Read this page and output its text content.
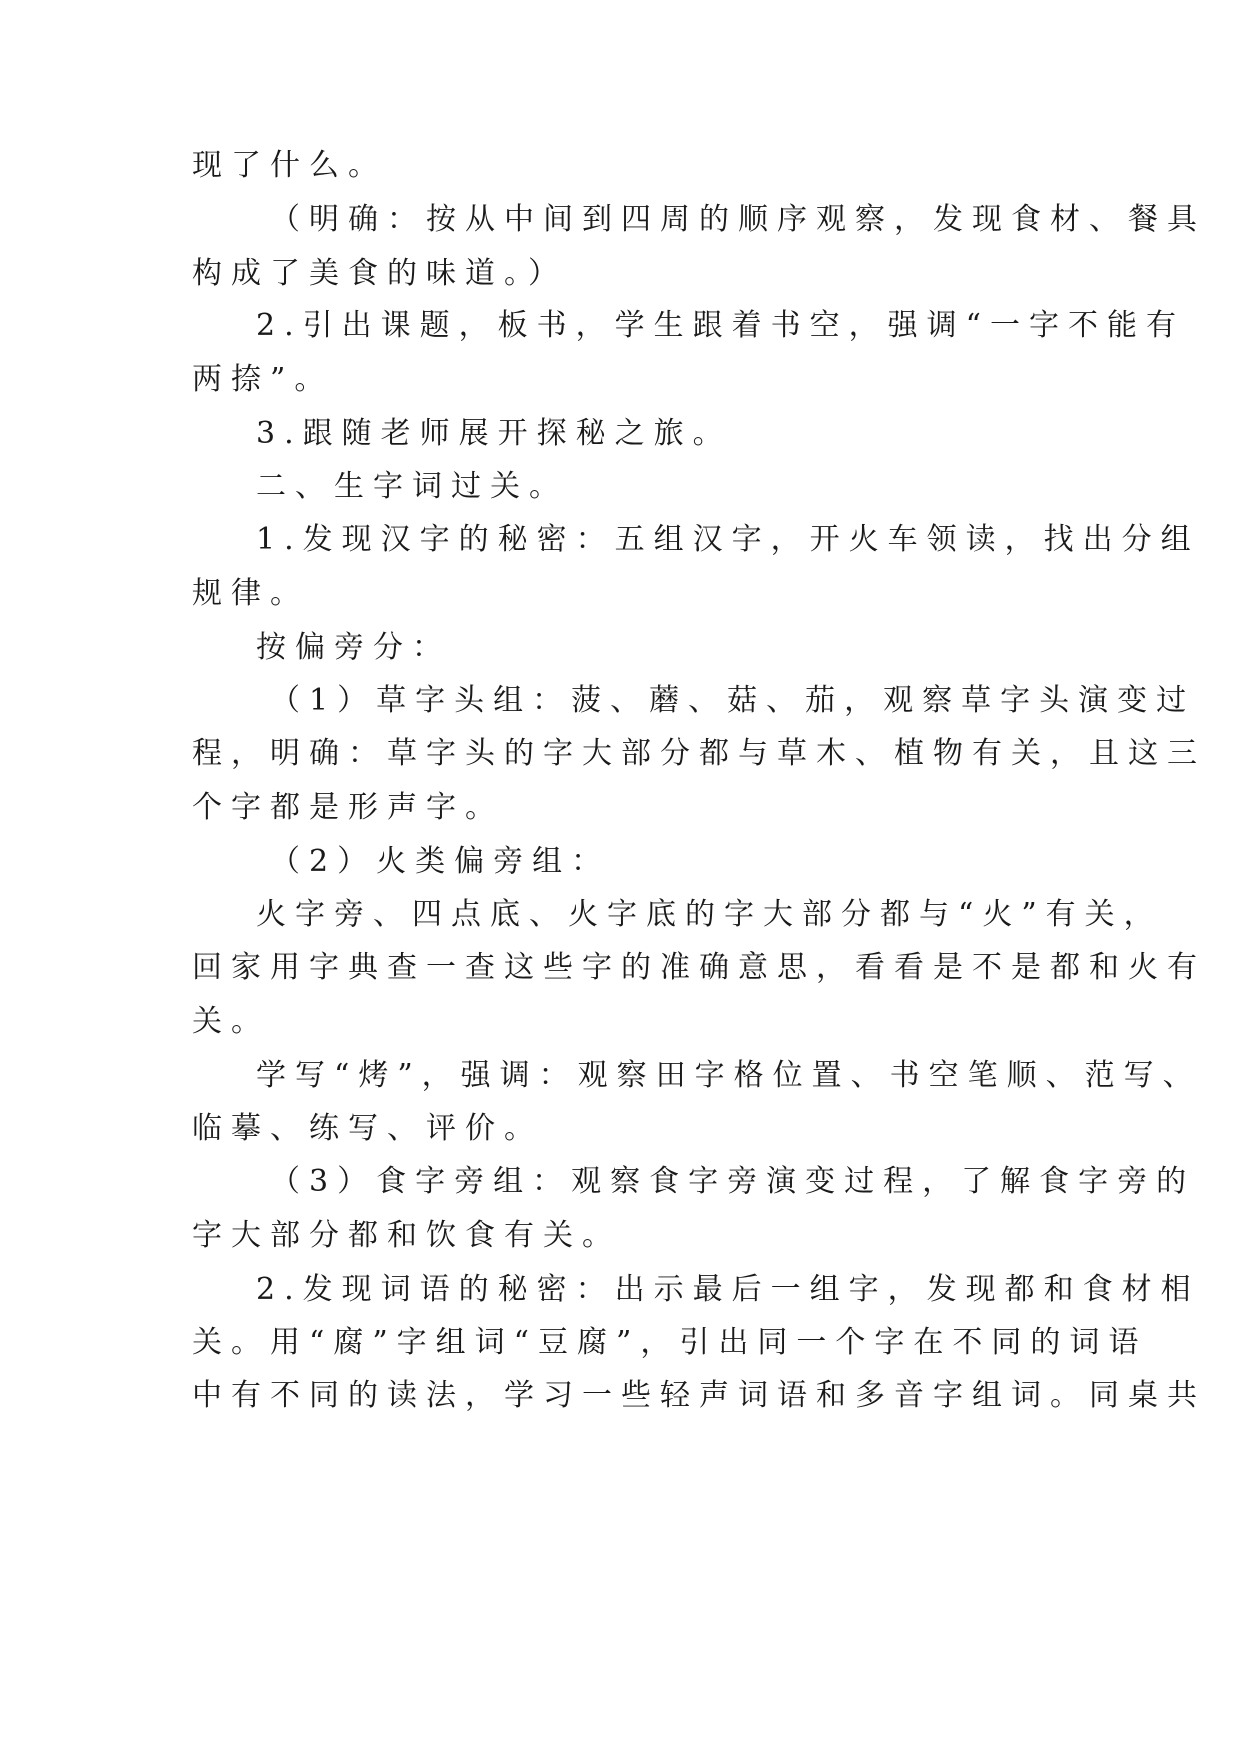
现了什么。
（明确：按从中间到四周的顺序观察，发现食材、餐具
构成了美食的味道。）
2.引出课题，板书，学生跟着书空，强调“一字不能有
两捺”。
3.跟随老师展开探秘之旅。
二、生字词过关。
1.发现汉字的秘密：五组汉字，开火车领读，找出分组
规律。
按偏旁分：
（1）草字头组：菠、蘑、菇、茄，观察草字头演变过
程，明确：草字头的字大部分都与草木、植物有关，且这三
个字都是形声字。
（2）火类偏旁组：
火字旁、四点底、火字底的字大部分都与“火”有关，
回家用字典查一查这些字的准确意思，看看是不是都和火有
关。
学写“烤”，强调：观察田字格位置、书空笔顺、范写、
临摹、练写、评价。
（3）食字旁组：观察食字旁演变过程，了解食字旁的
字大部分都和饮食有关。
2.发现词语的秘密：出示最后一组字，发现都和食材相
关。用“腐”字组词“豆腐”，引出同一个字在不同的词语
中有不同的读法，学习一些轻声词语和多音字组词。同桌共
